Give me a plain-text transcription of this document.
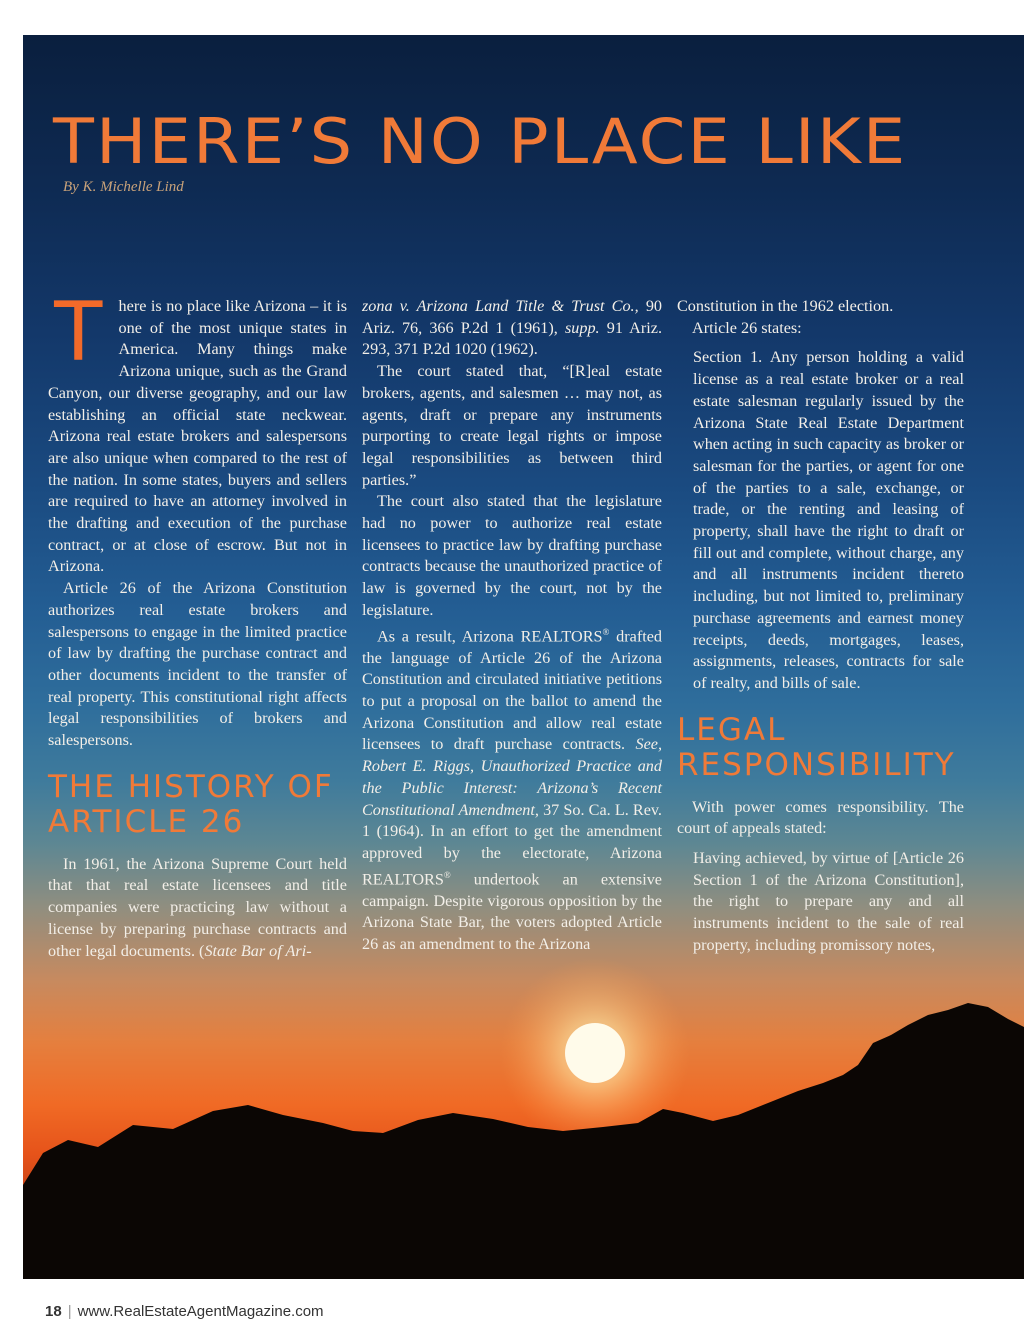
THERE’S NO PLACE LIKE
By K. Michelle Lind

There is no place like Arizona – it is one of the most unique states in America. Many things make Arizona unique, such as the Grand Canyon, our diverse geography, and our law establishing an official state neckwear. Arizona real estate brokers and salespersons are also unique when compared to the rest of the nation. In some states, buyers and sellers are required to have an attorney involved in the drafting and execution of the purchase contract, or at close of escrow. But not in Arizona.

Article 26 of the Arizona Constitution authorizes real estate brokers and salespersons to engage in the limited practice of law by drafting the purchase contract and other documents incident to the transfer of real property. This constitutional right affects legal responsibilities of brokers and salespersons.

THE HISTORY OF ARTICLE 26

In 1961, the Arizona Supreme Court held that that real estate licensees and title companies were practicing law without a license by preparing purchase contracts and other legal documents. (State Bar of Ari-

zona v. Arizona Land Title & Trust Co., 90 Ariz. 76, 366 P.2d 1 (1961), supp. 91 Ariz. 293, 371 P.2d 1020 (1962).

The court stated that, “[R]eal estate brokers, agents, and salesmen … may not, as agents, draft or prepare any instruments purporting to create legal rights or impose legal responsibilities as between third parties.”

The court also stated that the legislature had no power to authorize real estate licensees to practice law by drafting purchase contracts because the unauthorized practice of law is governed by the court, not by the legislature.

As a result, Arizona REALTORS® drafted the language of Article 26 of the Arizona Constitution and circulated initiative petitions to put a proposal on the ballot to amend the Arizona Constitution and allow real estate licensees to draft purchase contracts. See, Robert E. Riggs, Unauthorized Practice and the Public Interest: Arizona’s Recent Constitutional Amendment, 37 So. Ca. L. Rev. 1 (1964). In an effort to get the amendment approved by the electorate, Arizona REALTORS® undertook an extensive campaign. Despite vigorous opposition by the Arizona State Bar, the voters adopted Article 26 as an amendment to the Arizona

Constitution in the 1962 election.

Article 26 states:

Section 1. Any person holding a valid license as a real estate broker or a real estate salesman regularly issued by the Arizona State Real Estate Department when acting in such capacity as broker or salesman for the parties, or agent for one of the parties to a sale, exchange, or trade, or the renting and leasing of property, shall have the right to draft or fill out and complete, without charge, any and all instruments incident thereto including, but not limited to, preliminary purchase agreements and earnest money receipts, deeds, mortgages, leases, assignments, releases, contracts for sale of realty, and bills of sale.

LEGAL RESPONSIBILITY

With power comes responsibility. The court of appeals stated:

Having achieved, by virtue of [Article 26 Section 1 of the Arizona Constitution], the right to prepare any and all instruments incident to the sale of real property, including promissory notes,

18 | www.RealEstateAgentMagazine.com
